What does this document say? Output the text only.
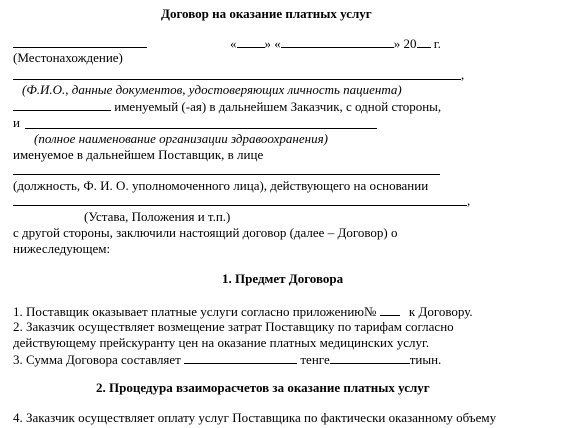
Договор на оказание платных услуг
« » «	» 20 г.
(Местонахождение)
,
(Ф.И.О., данные документов, удостоверяющих личность пациента)
именуемый (-ая) в дальнейшем Заказчик, с одной стороны,
и
(полное наименование организации здравоохранения)
именуемое в дальнейшем Поставщик, в лице
(должность, Ф. И. О. уполномоченного лица), действующего на основании
,
(Устава, Положения и т.п.)
с другой стороны, заключили настоящий договор (далее – Договор) о
нижеследующем:
1. Предмет Договора
1. Поставщик оказывает платные услуги согласно приложению№	к Договору.
2. Заказчик осуществляет возмещение затрат Поставщику по тарифам согласно
действующему прейскуранту цен на оказание платных медицинских услуг.
3. Сумма Договора составляет	тенге	тиын.
2. Процедура взаиморасчетов за оказание платных услуг
4. Заказчик осуществляет оплату услуг Поставщика по фактически оказанному объему
